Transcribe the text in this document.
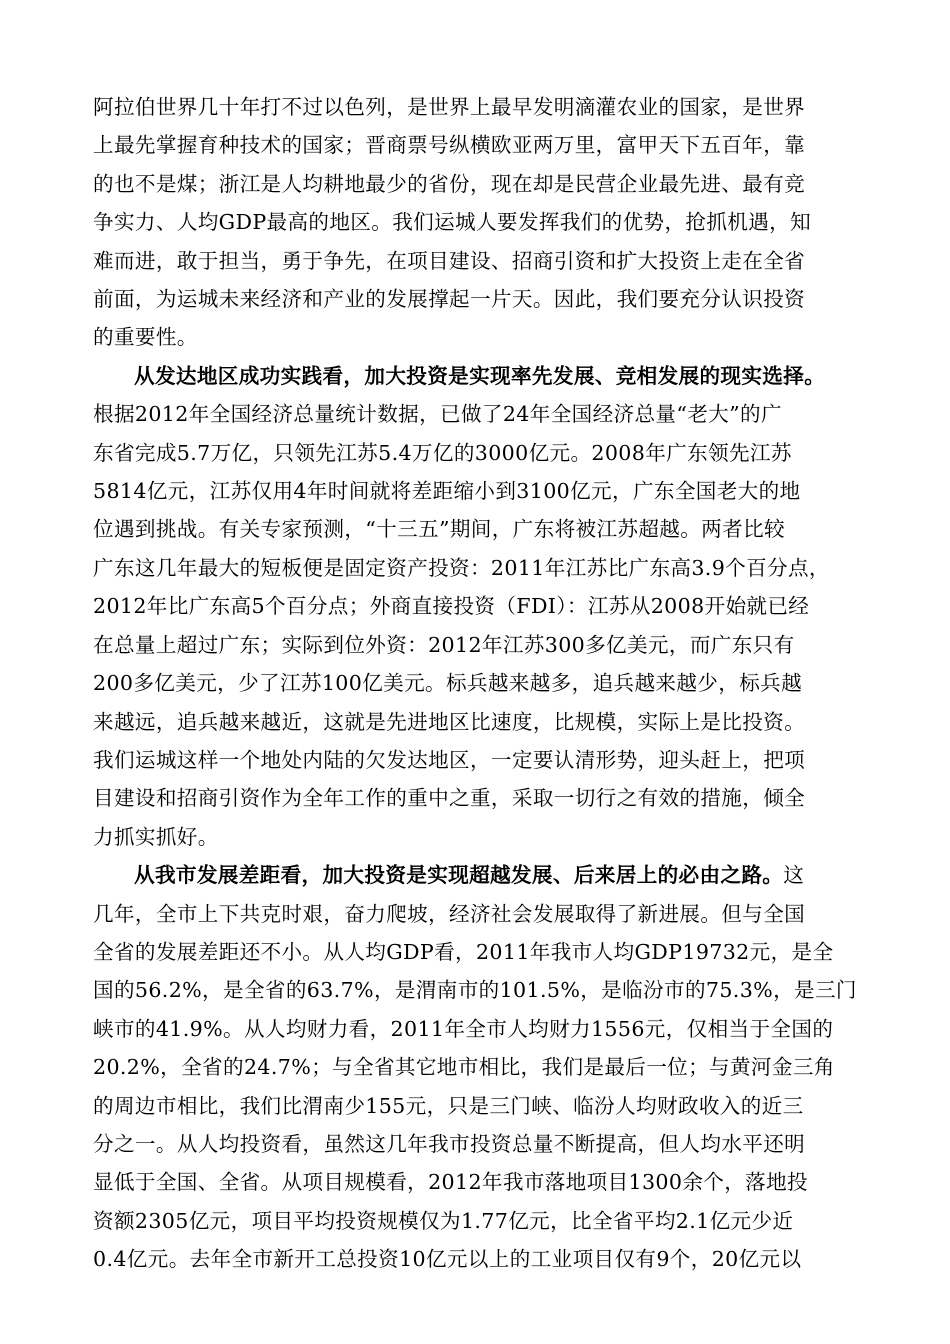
阿拉伯世界几十年打不过以色列，是世界上最早发明滴灌农业的国家，是世界
上最先掌握育种技术的国家；晋商票号纵横欧亚两万里，富甲天下五百年，靠
的也不是煤；浙江是人均耕地最少的省份，现在却是民营企业最先进、最有竞
争实力、人均GDP最高的地区。我们运城人要发挥我们的优势，抢抓机遇，知
难而进，敢于担当，勇于争先，在项目建设、招商引资和扩大投资上走在全省
前面，为运城未来经济和产业的发展撑起一片天。因此，我们要充分认识投资
的重要性。
从发达地区成功实践看，加大投资是实现率先发展、竞相发展的现实选择。
根据2012年全国经济总量统计数据，已做了24年全国经济总量“老大”的广
东省完成5.7万亿，只领先江苏5.4万亿的3000亿元。2008年广东领先江苏
5814亿元，江苏仅用4年时间就将差距缩小到3100亿元，广东全国老大的地
位遇到挑战。有关专家预测，“十三五”期间，广东将被江苏超越。两者比较
广东这几年最大的短板便是固定资产投资：2011年江苏比广东高3.9个百分点，
2012年比广东高5个百分点；外商直接投资（FDI）：江苏从2008开始就已经
在总量上超过广东；实际到位外资：2012年江苏300多亿美元，而广东只有
200多亿美元，少了江苏100亿美元。标兵越来越多，追兵越来越少，标兵越
来越远，追兵越来越近，这就是先进地区比速度，比规模，实际上是比投资。
我们运城这样一个地处内陆的欠发达地区，一定要认清形势，迎头赶上，把项
目建设和招商引资作为全年工作的重中之重，采取一切行之有效的措施，倾全
力抓实抓好。
从我市发展差距看，加大投资是实现超越发展、后来居上的必由之路。这
几年，全市上下共克时艰，奋力爬坡，经济社会发展取得了新进展。但与全国
全省的发展差距还不小。从人均GDP看，2011年我市人均GDP19732元，是全
国的56.2%，是全省的63.7%，是渭南市的101.5%，是临汾市的75.3%，是三门
峡市的41.9%。从人均财力看，2011年全市人均财力1556元，仅相当于全国的
20.2%，全省的24.7%；与全省其它地市相比，我们是最后一位；与黄河金三角
的周边市相比，我们比渭南少155元，只是三门峡、临汾人均财政收入的近三
分之一。从人均投资看，虽然这几年我市投资总量不断提高，但人均水平还明
显低于全国、全省。从项目规模看，2012年我市落地项目1300余个，落地投
资额2305亿元，项目平均投资规模仅为1.77亿元，比全省平均2.1亿元少近
0.4亿元。去年全市新开工总投资10亿元以上的工业项目仅有9个，20亿元以
